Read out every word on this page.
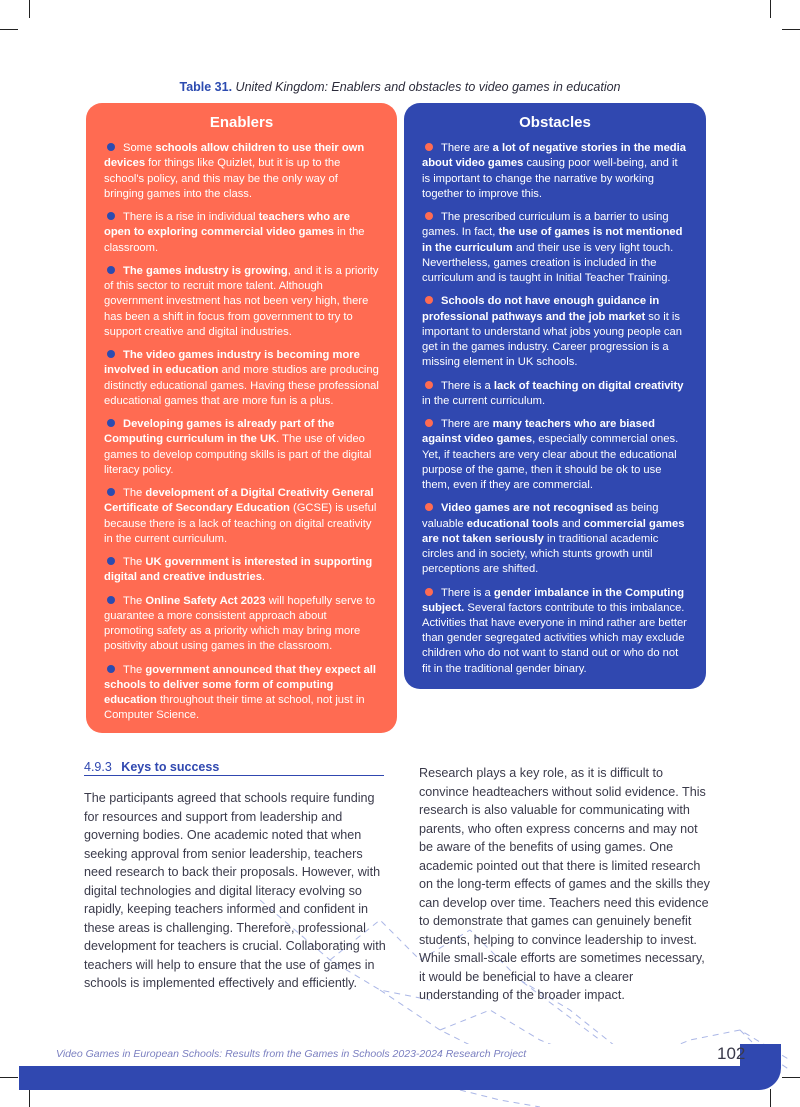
Table 31. United Kingdom: Enablers and obstacles to video games in education
Enablers
Some schools allow children to use their own devices for things like Quizlet, but it is up to the school's policy, and this may be the only way of bringing games into the class.
There is a rise in individual teachers who are open to exploring commercial video games in the classroom.
The games industry is growing, and it is a priority of this sector to recruit more talent. Although government investment has not been very high, there has been a shift in focus from government to try to support creative and digital industries.
The video games industry is becoming more involved in education and more studios are producing distinctly educational games. Having these professional educational games that are more fun is a plus.
Developing games is already part of the Computing curriculum in the UK. The use of video games to develop computing skills is part of the digital literacy policy.
The development of a Digital Creativity General Certificate of Secondary Education (GCSE) is useful because there is a lack of teaching on digital creativity in the current curriculum.
The UK government is interested in supporting digital and creative industries.
The Online Safety Act 2023 will hopefully serve to guarantee a more consistent approach about promoting safety as a priority which may bring more positivity about using games in the classroom.
The government announced that they expect all schools to deliver some form of computing education throughout their time at school, not just in Computer Science.
Obstacles
There are a lot of negative stories in the media about video games causing poor well-being, and it is important to change the narrative by working together to improve this.
The prescribed curriculum is a barrier to using games. In fact, the use of games is not mentioned in the curriculum and their use is very light touch. Nevertheless, games creation is included in the curriculum and is taught in Initial Teacher Training.
Schools do not have enough guidance in professional pathways and the job market so it is important to understand what jobs young people can get in the games industry. Career progression is a missing element in UK schools.
There is a lack of teaching on digital creativity in the current curriculum.
There are many teachers who are biased against video games, especially commercial ones. Yet, if teachers are very clear about the educational purpose of the game, then it should be ok to use them, even if they are commercial.
Video games are not recognised as being valuable educational tools and commercial games are not taken seriously in traditional academic circles and in society, which stunts growth until perceptions are shifted.
There is a gender imbalance in the Computing subject. Several factors contribute to this imbalance. Activities that have everyone in mind rather are better than gender segregated activities which may exclude children who do not want to stand out or who do not fit in the traditional gender binary.
4.9.3 Keys to success
The participants agreed that schools require funding for resources and support from leadership and governing bodies. One academic noted that when seeking approval from senior leadership, teachers need research to back their proposals. However, with digital technologies and digital literacy evolving so rapidly, keeping teachers informed and confident in these areas is challenging. Therefore, professional development for teachers is crucial. Collaborating with teachers will help to ensure that the use of games in schools is implemented effectively and efficiently.
Research plays a key role, as it is difficult to convince headteachers without solid evidence. This research is also valuable for communicating with parents, who often express concerns and may not be aware of the benefits of using games. One academic pointed out that there is limited research on the long-term effects of games and the skills they can develop over time. Teachers need this evidence to demonstrate that games can genuinely benefit students, helping to convince leadership to invest. While small-scale efforts are sometimes necessary, it would be beneficial to have a clearer understanding of the broader impact.
Video Games in European Schools: Results from the Games in Schools 2023-2024 Research Project	102
